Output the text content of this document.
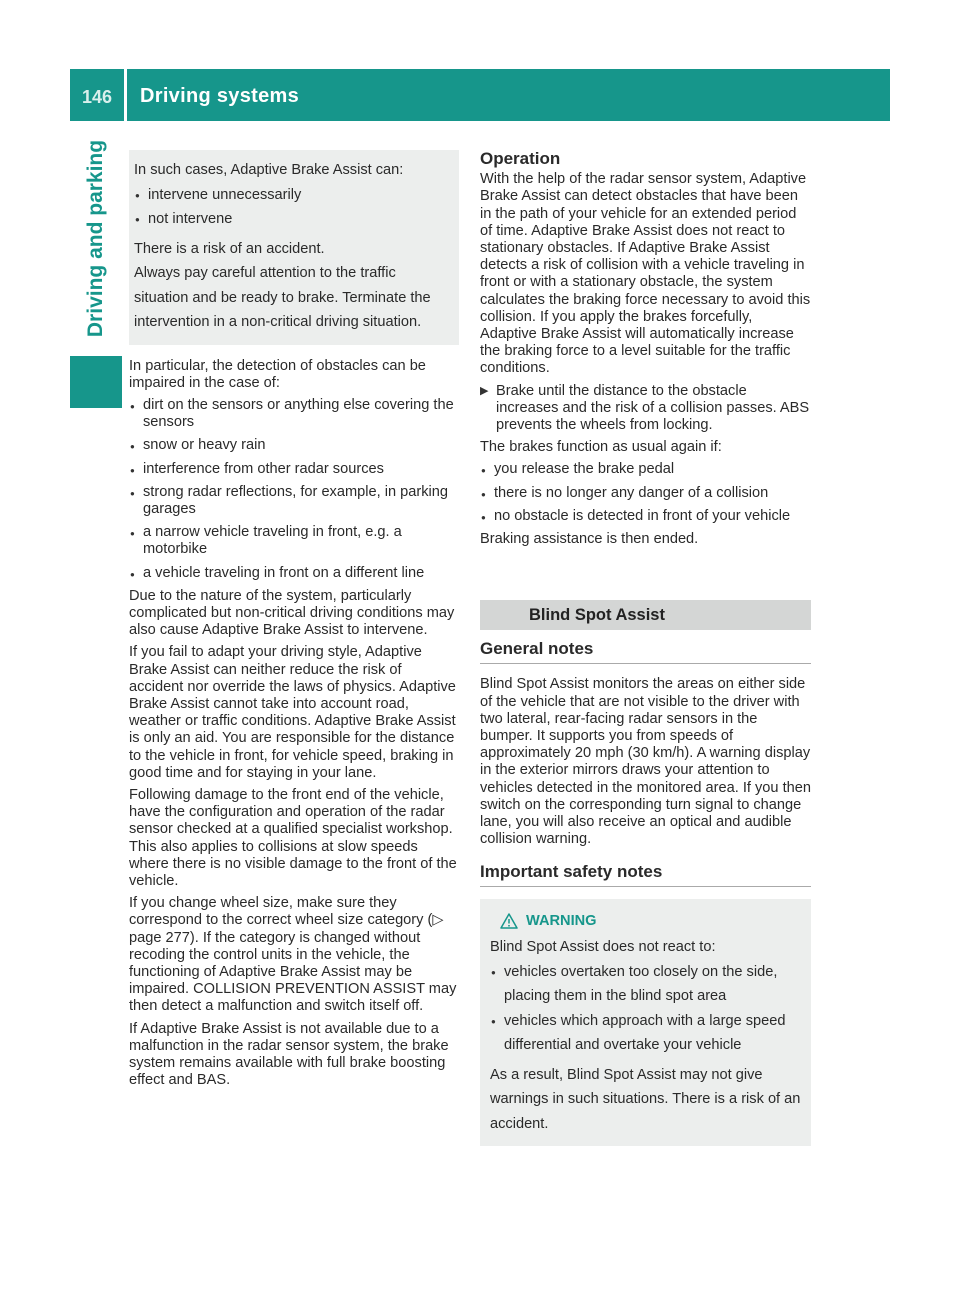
146 Driving systems
Driving and parking	In such cases, Adaptive Brake Assist can:

● intervene unnecessarily
● not intervene

There is a risk of an accident.

Always pay careful attention to the traffic situation and be ready to brake. Terminate the intervention in a non-critical driving situation.

In particular, the detection of obstacles can be impaired in the case of:

● dirt on the sensors or anything else covering the sensors
● snow or heavy rain
● interference from other radar sources
● strong radar reflections, for example, in parking garages
● a narrow vehicle traveling in front, e.g. a motorbike
● a vehicle traveling in front on a different line

Due to the nature of the system, particularly complicated but non-critical driving conditions may also cause Adaptive Brake Assist to intervene.

If you fail to adapt your driving style, Adaptive Brake Assist can neither reduce the risk of accident nor override the laws of physics. Adaptive Brake Assist cannot take into account road, weather or traffic conditions. Adaptive Brake Assist is only an aid. You are responsible for the distance to the vehicle in front, for vehicle speed, braking in good time and for staying in your lane.

Following damage to the front end of the vehicle, have the configuration and operation of the radar sensor checked at a qualified specialist workshop. This also applies to collisions at slow speeds where there is no visible damage to the front of the vehicle.

If you change wheel size, make sure they correspond to the correct wheel size category (▷ page 277). If the category is changed without recoding the control units in the vehicle, the functioning of Adaptive Brake Assist may be impaired. COLLISION PREVENTION ASSIST may then detect a malfunction and switch itself off.

If Adaptive Brake Assist is not available due to a malfunction in the radar sensor system, the brake system remains available with full brake boosting effect and BAS.

Operation

With the help of the radar sensor system, Adaptive Brake Assist can detect obstacles that have been in the path of your vehicle for an extended period of time. Adaptive Brake Assist does not react to stationary obstacles. If Adaptive Brake Assist detects a risk of collision with a vehicle traveling in front or with a stationary obstacle, the system calculates the braking force necessary to avoid this collision. If you apply the brakes forcefully, Adaptive Brake Assist will automatically increase the braking force to a level suitable for the traffic conditions.

▶ Brake until the distance to the obstacle increases and the risk of a collision passes. ABS prevents the wheels from locking.

The brakes function as usual again if:

● you release the brake pedal
● there is no longer any danger of a collision
● no obstacle is detected in front of your vehicle

Braking assistance is then ended.

Blind Spot Assist
General notes

Blind Spot Assist monitors the areas on either side of the vehicle that are not visible to the driver with two lateral, rear-facing radar sensors in the bumper. It supports you from speeds of approximately 20 mph (30 km/h). A warning display in the exterior mirrors draws your attention to vehicles detected in the monitored area. If you then switch on the corresponding turn signal to change lane, you will also receive an optical and audible collision warning.

Important safety notes
WARNING

Blind Spot Assist does not react to:

● vehicles overtaken too closely on the side, placing them in the blind spot area
● vehicles which approach with a large speed differential and overtake your vehicle

As a result, Blind Spot Assist may not give warnings in such situations. There is a risk of an accident.
